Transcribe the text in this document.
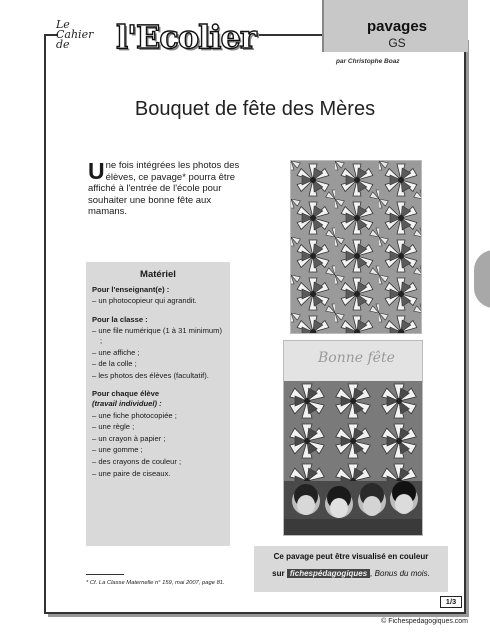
Le Cahier de	l'Ecolier	pavages
GS
par Christophe Boaz
Bouquet de fête des Mères
Une fois intégrées les photos des élèves, ce pavage* pourra être affiché à l'entrée de l'école pour souhaiter une bonne fête aux mamans.
Matériel
Pour l'enseignant(e) :
– un photocopieur qui agrandit.
Pour la classe :
– une file numérique (1 à 31 minimum) ;
– une affiche ;
– de la colle ;
– les photos des élèves (facultatif).
Pour chaque élève
(travail individuel) :
– une fiche photocopiée ;
– une règle ;
– un crayon à papier ;
– une gomme ;
– des crayons de couleur ;
– une paire de ciseaux.
Bonne fête
Ce pavage peut être visualisé en couleur
sur fichespédagogiques , Bonus du mois.
* Cf. La Classe Maternelle n° 159, mai 2007, page 81.
1/3
© Fichespedagogiques.com
